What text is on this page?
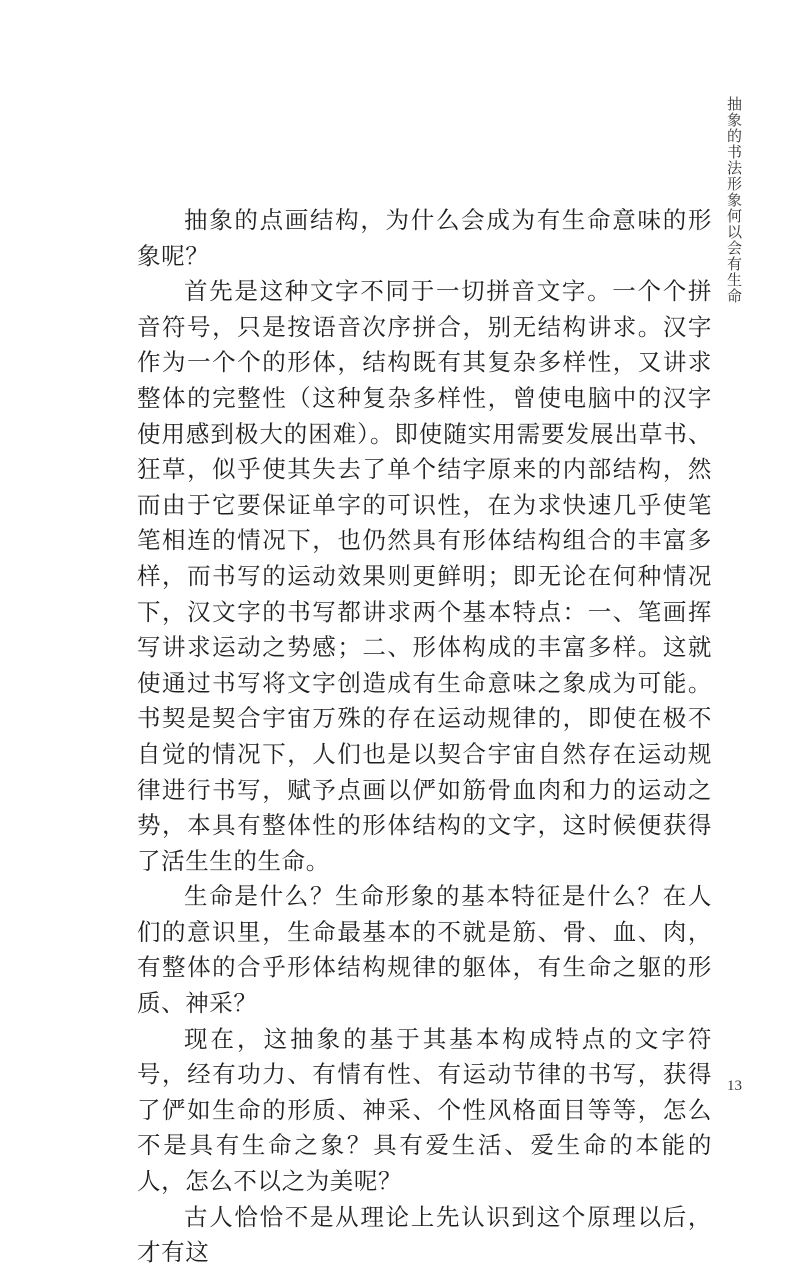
抽象的书法形象何以会有生命

抽象的点画结构，为什么会成为有生命意味的形象呢？

首先是这种文字不同于一切拼音文字。一个个拼音符号，只是按语音次序拼合，别无结构讲求。汉字作为一个个的形体，结构既有其复杂多样性，又讲求整体的完整性（这种复杂多样性，曾使电脑中的汉字使用感到极大的困难）。即使随实用需要发展出草书、狂草，似乎使其失去了单个结字原来的内部结构，然而由于它要保证单字的可识性，在为求快速几乎使笔笔相连的情况下，也仍然具有形体结构组合的丰富多样，而书写的运动效果则更鲜明；即无论在何种情况下，汉文字的书写都讲求两个基本特点：一、笔画挥写讲求运动之势感；二、形体构成的丰富多样。这就使通过书写将文字创造成有生命意味之象成为可能。书契是契合宇宙万殊的存在运动规律的，即使在极不自觉的情况下，人们也是以契合宇宙自然存在运动规律进行书写，赋予点画以俨如筋骨血肉和力的运动之势，本具有整体性的形体结构的文字，这时候便获得了活生生的生命。

生命是什么？生命形象的基本特征是什么？在人们的意识里，生命最基本的不就是筋、骨、血、肉，有整体的合乎形体结构规律的躯体，有生命之躯的形质、神采？

现在，这抽象的基于其基本构成特点的文字符号，经有功力、有情有性、有运动节律的书写，获得了俨如生命的形质、神采、个性风格面目等等，怎么不是具有生命之象？具有爱生活、爱生命的本能的人，怎么不以之为美呢？

古人恰恰不是从理论上先认识到这个原理以后，才有这

13
